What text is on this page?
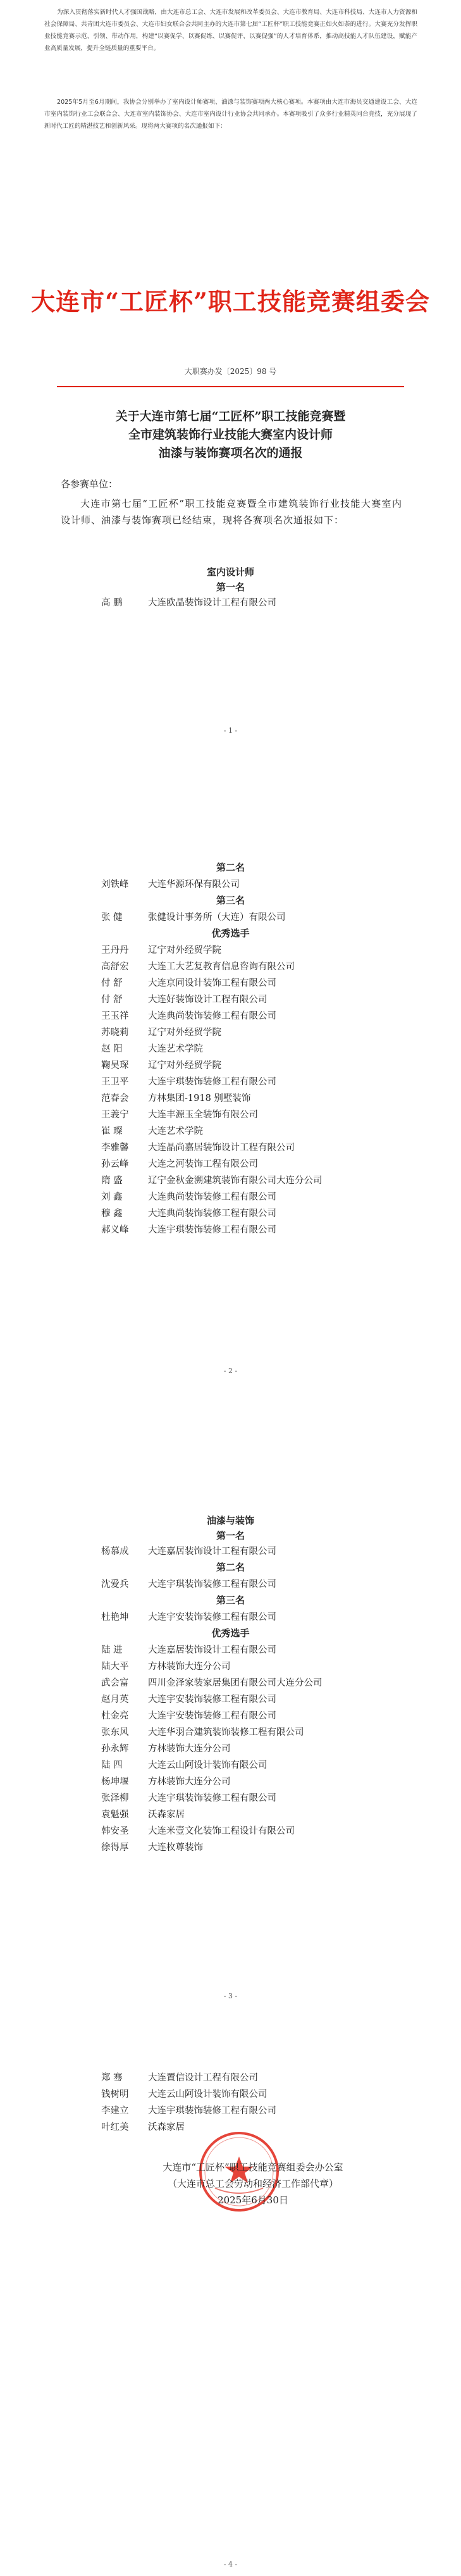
为深入贯彻落实新时代人才强国战略，由大连市总工会、大连市发展和改革委员会、大连市教育局、大连市科技局、大连市人力资源和社会保障局、共青团大连市委员会、大连市妇女联合会共同主办的大连市第七届“工匠杯”职工技能竞赛正如火如荼的进行。大赛充分发挥职业技能竞赛示范、引领、带动作用，构建“以赛促学、以赛促练、以赛促评、以赛促强”的人才培育体系，推动高技能人才队伍建设，赋能产业高质量发展，提升全链质量的重要平台。
2025年5月至6月期间，我协会分别举办了室内设计师赛项、油漆与装饰赛项两大核心赛项。本赛项由大连市海员交通建设工会、大连市室内装饰行业工会联合会、大连市室内装饰协会、大连市室内设计行业协会共同承办。本赛项吸引了众多行业精英同台竞技，充分展现了新时代工匠的精湛技艺和创新风采。现将两大赛项的名次通报如下：
大连市“工匠杯”职工技能竞赛组委会
大职赛办发〔2025〕98 号
关于大连市第七届“工匠杯”职工技能竞赛暨
全市建筑装饰行业技能大赛室内设计师
油漆与装饰赛项名次的通报
各参赛单位：
大连市第七届“工匠杯”职工技能竞赛暨全市建筑装饰行业技能大赛室内设计师、油漆与装饰赛项已经结束，现将各赛项名次通报如下：
室内设计师
第一名
高 鹏	大连欧晶装饰设计工程有限公司
- 1 -
第二名
刘铁峰 大连华源环保有限公司
第三名
张 健	张健设计事务所（大连）有限公司
优秀选手
王丹丹 辽宁对外经贸学院
高舒宏 大连工大艺复教育信息咨询有限公司
付 舒	大连京同设计装饰工程有限公司
付 舒	大连好装饰设计工程有限公司
王玉祥 大连典尚装饰装修工程有限公司
苏晓莉 辽宁对外经贸学院
赵 阳	大连艺术学院
鞠昊琛 辽宁对外经贸学院
王卫平 大连宇琪装饰装修工程有限公司
范春会 方林集团-1918 别墅装饰
王義宁 大连丰源玉全装饰有限公司
崔 璨	大连艺术学院
李雅馨 大连晶尚嘉居装饰设计工程有限公司
孙云峰 大连之河装饰工程有限公司
隋 盛	辽宁金秋金溯建筑装饰有限公司大连分公司
刘 鑫	大连典尚装饰装修工程有限公司
穆 鑫	大连典尚装饰装修工程有限公司
郝义峰 大连宇琪装饰装修工程有限公司
- 2 -
油漆与装饰
第一名
杨慕成 大连嘉居装饰设计工程有限公司
第二名
沈爱兵 大连宇琪装饰装修工程有限公司
第三名
杜艳坤 大连宇安装饰装修工程有限公司
优秀选手
陆 进	大连嘉居装饰设计工程有限公司
陆大平 方林装饰大连分公司
武会富 四川金泽家装家居集团有限公司大连分公司
赵月英 大连宇安装饰装修工程有限公司
杜金亮 大连宇安装饰装修工程有限公司
张东风 大连华羽合建筑装饰装修工程有限公司
孙永辉 方林装饰大连分公司
陆 四	大连云山阿设计装饰有限公司
杨坤堰 方林装饰大连分公司
张泽柳 大连宇琪装饰装修工程有限公司
袁魁强 沃森家居
韩安圣 大连米壹文化装饰工程设计有限公司
徐得厚 大连枚尊装饰
- 3 -
郑 骞	大连置信设计工程有限公司
钱树明 大连云山阿设计装饰有限公司
李建立 大连宇琪装饰装修工程有限公司
叶红美 沃森家居
大连市“工匠杯”职工技能竞赛组委会办公室
（大连市总工会劳动和经济工作部代章）
2025年6月30日
- 4 -
